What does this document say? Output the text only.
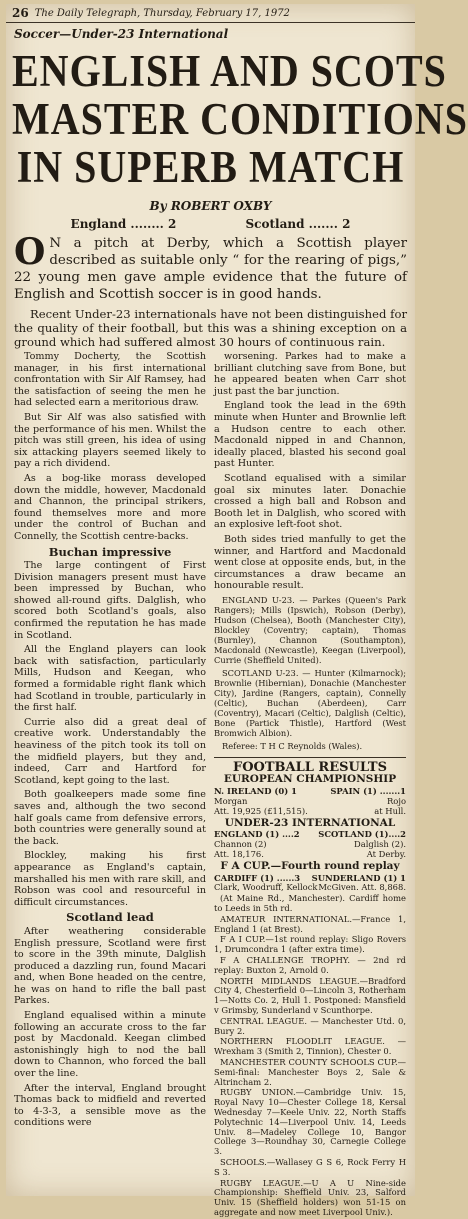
26 The Daily Telegraph, Thursday, February 17, 1972
Soccer—Under-23 International
ENGLISH AND SCOTS
MASTER CONDITIONS
IN SUPERB MATCH
By ROBERT OXBY
England ........ 2	Scotland ....... 2
O N a pitch at Derby, which a Scottish player described as suitable only “ for the rearing of pigs,” 22 young men gave ample evidence that the future of English and Scottish soccer is in good hands.
Recent Under-23 internationals have not been distinguished for the quality of their football, but this was a shining exception on a ground which had suffered almost 30 hours of continuous rain.

Tommy Docherty, the Scottish manager, in his first international confrontation with Sir Alf Ramsey, had the satisfaction of seeing the men he had selected earn a meritorious draw.

But Sir Alf was also satisfied with the performance of his men. Whilst the pitch was still green, his idea of using six attacking players seemed likely to pay a rich dividend.

As a bog-like morass developed down the middle, however, Macdonald and Channon, the principal strikers, found themselves more and more under the control of Buchan and Connelly, the Scottish centre-backs.

Buchan impressive

The large contingent of First Division managers present must have been impressed by Buchan, who showed all-round gifts. Dalglish, who scored both Scotland's goals, also confirmed the reputation he has made in Scotland.

All the England players can look back with satisfaction, particularly Mills, Hudson and Keegan, who formed a formidable right flank which had Scotland in trouble, particularly in the first half.

Currie also did a great deal of creative work. Understandably the heaviness of the pitch took its toll on the midfield players, but they and, indeed, Carr and Hartford for Scotland, kept going to the last.

Both goalkeepers made some fine saves and, although the two second half goals came from defensive errors, both countries were generally sound at the back.

Blockley, making his first appearance as England's captain, marshalled his men with rare skill, and Robson was cool and resourceful in difficult circumstances.

Scotland lead

After weathering considerable English pressure, Scotland were first to score in the 39th minute, Dalglish produced a dazzling run, found Macari and, when Bone headed on the centre, he was on hand to rifle the ball past Parkes.

England equalised within a minute following an accurate cross to the far post by Macdonald. Keegan climbed astonishingly high to nod the ball down to Channon, who forced the ball over the line.

After the interval, England brought Thomas back to midfield and reverted to 4-3-3, a sensible move as the conditions were

worsening. Parkes had to make a brilliant clutching save from Bone, but he appeared beaten when Carr shot just past the bar junction.

England took the lead in the 69th minute when Hunter and Brownlie left a Hudson centre to each other. Macdonald nipped in and Channon, ideally placed, blasted his second goal past Hunter.

Scotland equalised with a similar goal six minutes later. Donachie crossed a high ball and Robson and Booth let in Dalglish, who scored with an explosive left-foot shot.

Both sides tried manfully to get the winner, and Hartford and Macdonald went close at opposite ends, but, in the circumstances a draw became an honourable result.

ENGLAND U-23. — Parkes (Queen's Park Rangers); Mills (Ipswich), Robson (Derby), Hudson (Chelsea), Booth (Manchester City), Blockley (Coventry; captain), Thomas (Burnley), Channon (Southampton), Macdonald (Newcastle), Keegan (Liverpool), Currie (Sheffield United).

SCOTLAND U-23. — Hunter (Kilmarnock); Brownlie (Hibernian), Donachie (Manchester City), Jardine (Rangers, captain), Connelly (Celtic), Buchan (Aberdeen), Carr (Coventry), Macari (Celtic), Dalglish (Celtic), Bone (Partick Thistle), Hartford (West Bromwich Albion).

Referee: T H C Reynolds (Wales).

FOOTBALL RESULTS
EUROPEAN CHAMPIONSHIP
N. IRELAND (0) 1	SPAIN (1) .......1
Morgan	Rojo
Att. 19,925 (£11,515).	at Hull.
UNDER-23 INTERNATIONAL
ENGLAND (1) ....2 SCOTLAND (1)....2
Channon (2)	Dalglish (2).
Att. 18,176.	At Derby.
F A CUP.—Fourth round replay
CARDIFF (1) ......3 SUNDERLAND (1) 1
Clark, Woodruff, Kellock McGiven. Att. 8,868.

(At Maine Rd., Manchester). Cardiff home to Leeds in 5th rd.

AMATEUR INTERNATIONAL.—France 1, England 1 (at Brest).

F A I CUP.—1st round replay: Sligo Rovers 1, Drumcondra 1 (after extra time).

F A CHALLENGE TROPHY. — 2nd rd replay: Buxton 2, Arnold 0.

NORTH MIDLANDS LEAGUE.—Bradford City 4, Chesterfield 0—Lincoln 3, Rotherham 1—Notts Co. 2, Hull 1. Postponed: Mansfield v Grimsby, Sunderland v Scunthorpe.

CENTRAL LEAGUE. — Manchester Utd. 0, Bury 2.

NORTHERN FLOODLIT LEAGUE. — Wrexham 3 (Smith 2, Tinnion), Chester 0.

MANCHESTER COUNTY SCHOOLS CUP.—Semi-final: Manchester Boys 2, Sale & Altrincham 2.

RUGBY UNION.—Cambridge Univ. 15, Royal Navy 10—Chester College 18, Kersal Wednesday 7—Keele Univ. 22, North Staffs Polytechnic 14—Liverpool Univ. 14, Leeds Univ. 8—Madeley College 10, Bangor College 3—Roundhay 30, Carnegie College 3.

SCHOOLS.—Wallasey G S 6, Rock Ferry H S 3.

RUGBY LEAGUE.—U A U Nine-side Championship: Sheffield Univ. 23, Salford Univ. 15 (Sheffield holders) won 51-15 on aggregate and now meet Liverpool Univ.).
